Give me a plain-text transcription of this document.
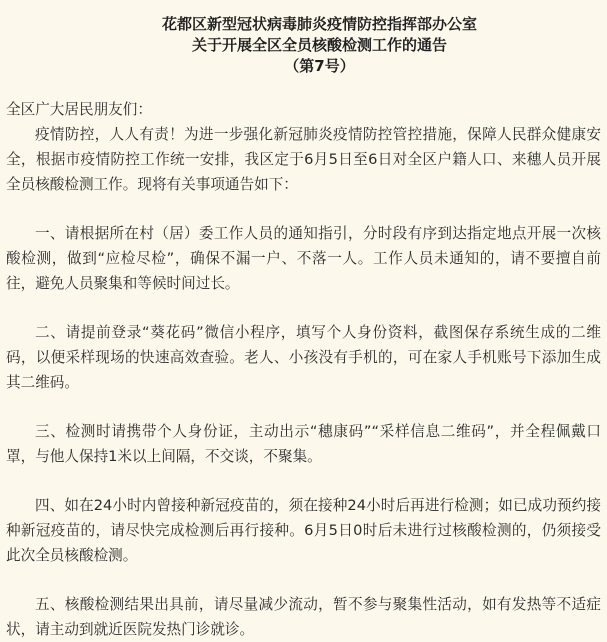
花都区新型冠状病毒肺炎疫情防控指挥部办公室
关于开展全区全员核酸检测工作的通告
（第7号）
全区广大居民朋友们：

疫情防控，人人有责！为进一步强化新冠肺炎疫情防控管控措施，保障人民群众健康安全，根据市疫情防控工作统一安排，我区定于6月5日至6日对全区户籍人口、来穗人员开展全员核酸检测工作。现将有关事项通告如下：

一、请根据所在村（居）委工作人员的通知指引，分时段有序到达指定地点开展一次核酸检测，做到“应检尽检”，确保不漏一户、不落一人。工作人员未通知的，请不要擅自前往，避免人员聚集和等候时间过长。

二、请提前登录“葵花码”微信小程序，填写个人身份资料，截图保存系统生成的二维码，以便采样现场的快速高效查验。老人、小孩没有手机的，可在家人手机账号下添加生成其二维码。

三、检测时请携带个人身份证，主动出示“穗康码”“采样信息二维码”，并全程佩戴口罩，与他人保持1米以上间隔，不交谈，不聚集。

四、如在24小时内曾接种新冠疫苗的，须在接种24小时后再进行检测；如已成功预约接种新冠疫苗的，请尽快完成检测后再行接种。6月5日0时后未进行过核酸检测的，仍须接受此次全员核酸检测。

五、核酸检测结果出具前，请尽量减少流动，暂不参与聚集性活动，如有发热等不适症状，请主动到就近医院发热门诊就诊。
